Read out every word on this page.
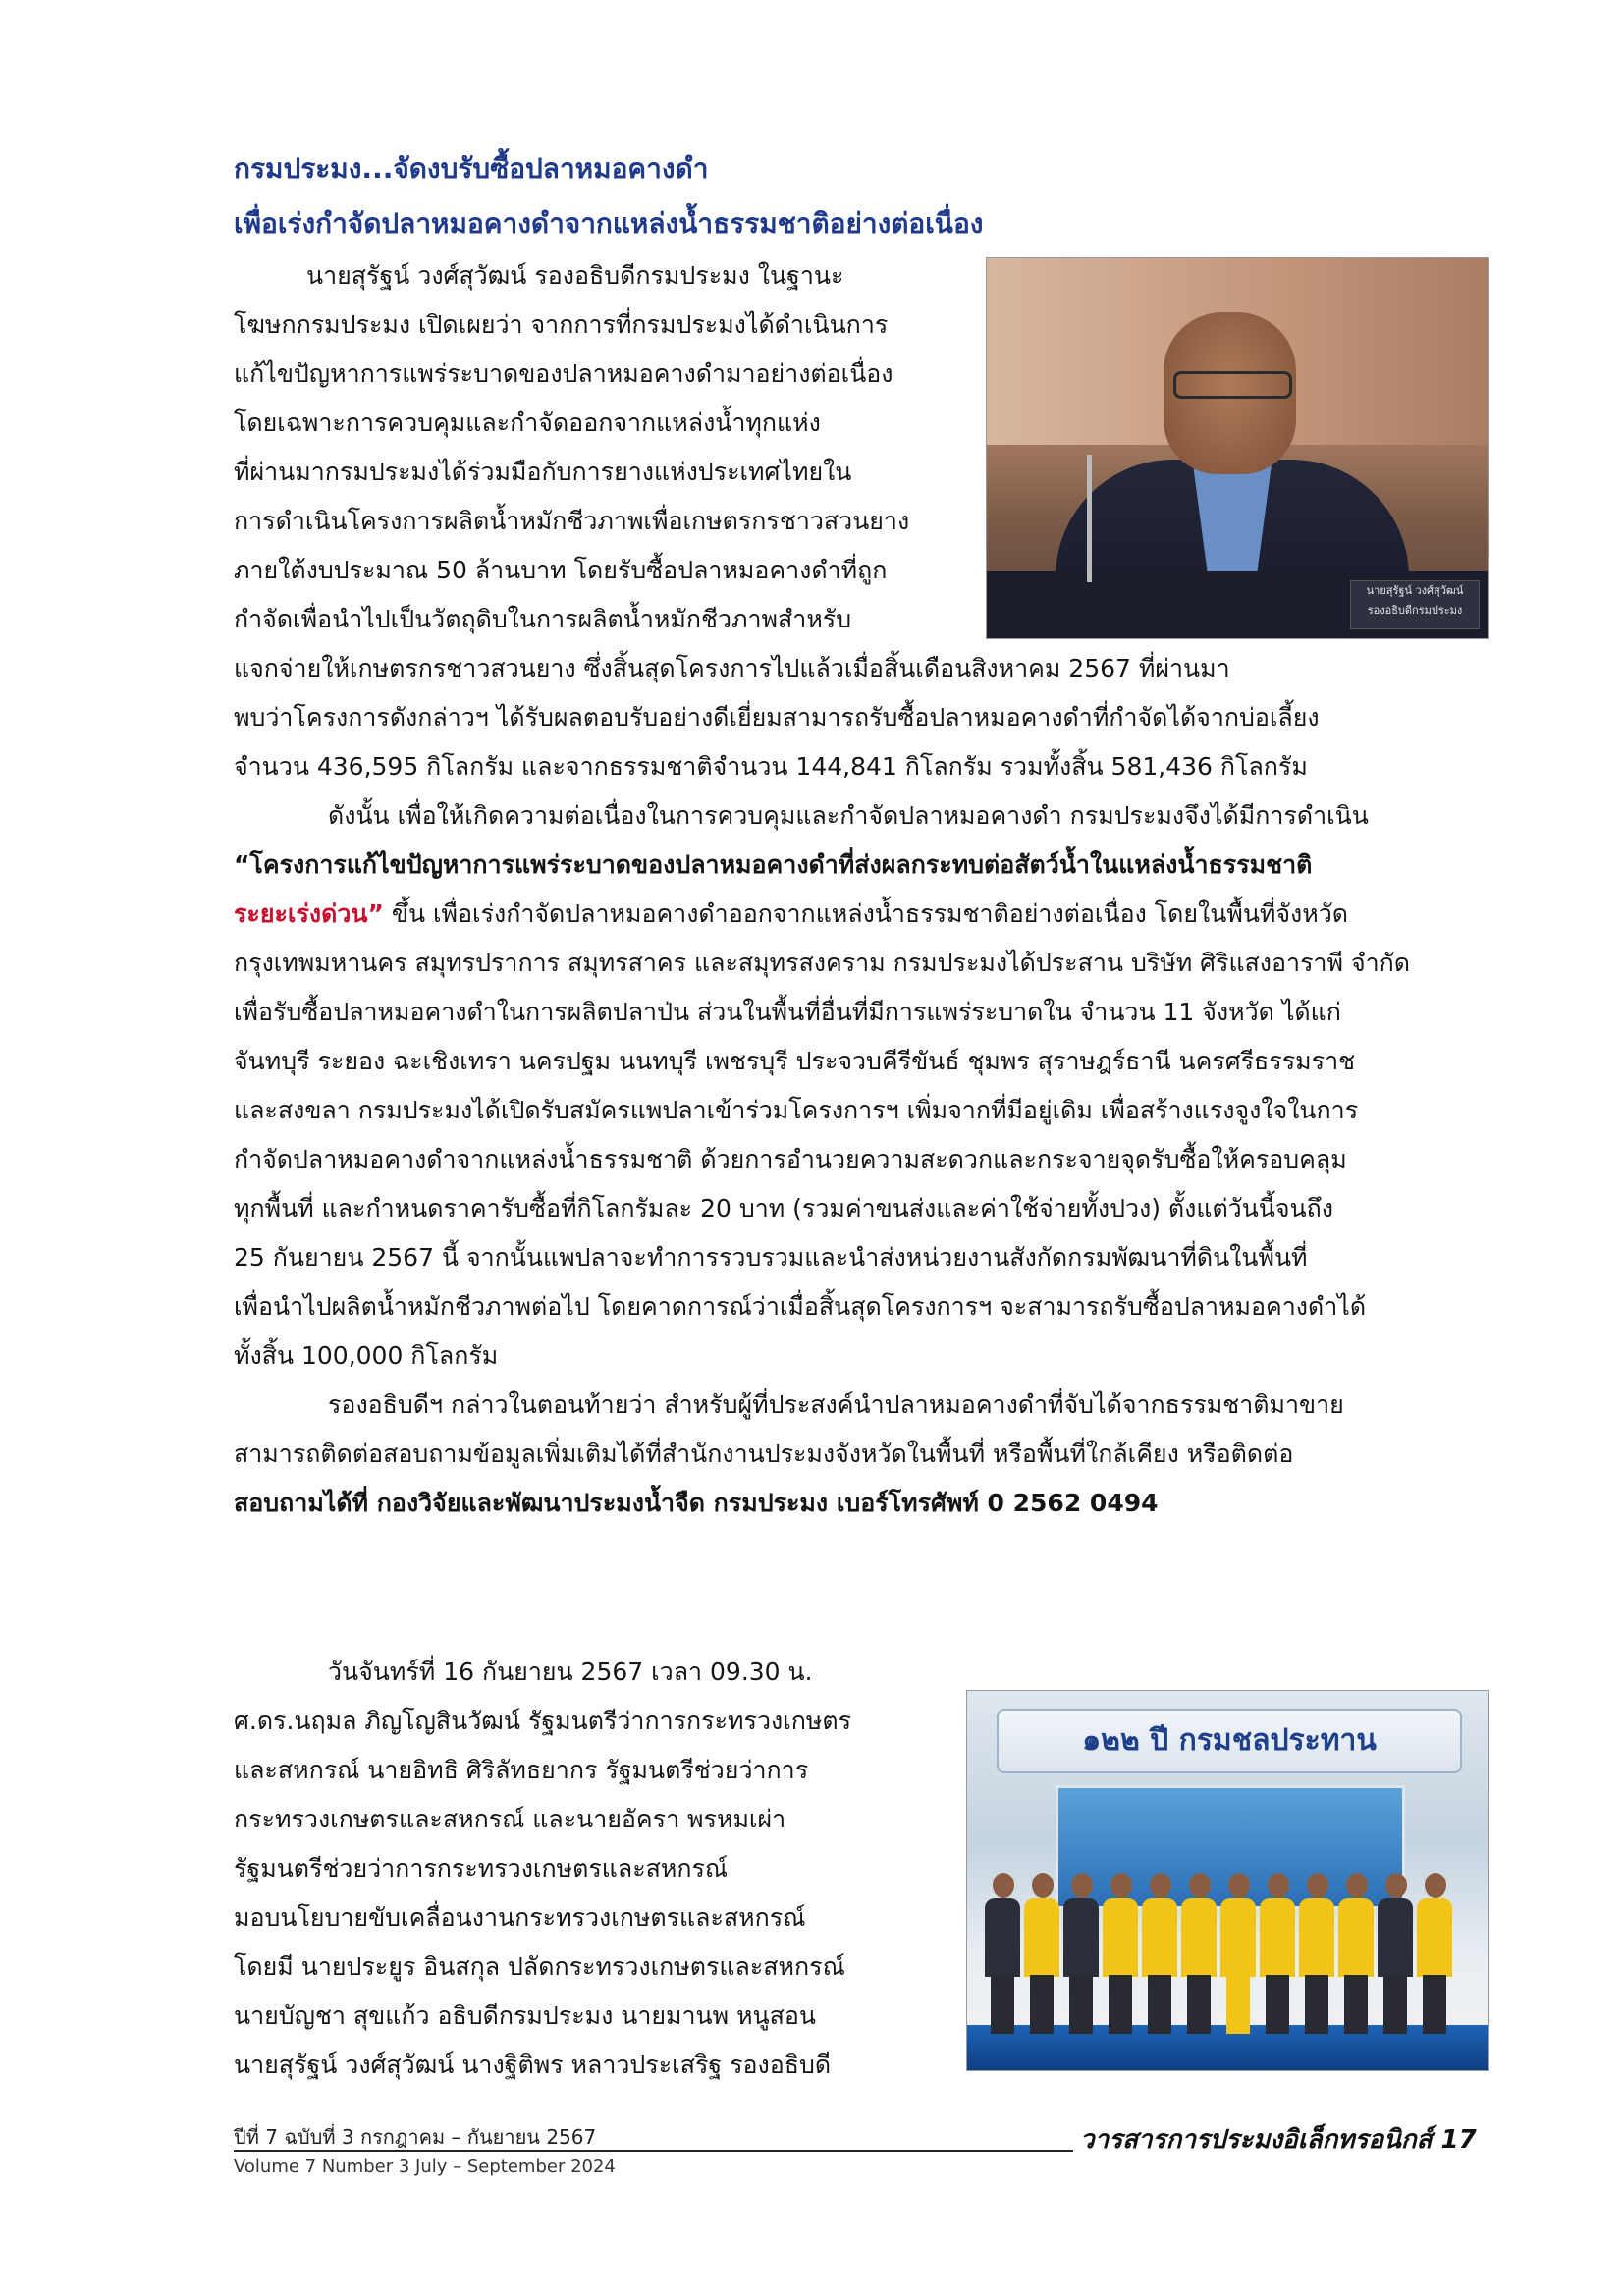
กรมประมง...จัดงบรับซื้อปลาหมอคางดำ
เพื่อเร่งกำจัดปลาหมอคางดำจากแหล่งน้ำธรรมชาติอย่างต่อเนื่อง
นายสุรัฐน์ วงศ์สุวัฒน์
รองอธิบดีกรมประมง

นายสุรัฐน์ วงศ์สุวัฒน์ รองอธิบดีกรมประมง ในฐานะ

โฆษกกรมประมง เปิดเผยว่า จากการที่กรมประมงได้ดำเนินการ

แก้ไขปัญหาการแพร่ระบาดของปลาหมอคางดำมาอย่างต่อเนื่อง

โดยเฉพาะการควบคุมและกำจัดออกจากแหล่งน้ำทุกแห่ง

ที่ผ่านมากรมประมงได้ร่วมมือกับการยางแห่งประเทศไทยใน

การดำเนินโครงการผลิตน้ำหมักชีวภาพเพื่อเกษตรกรชาวสวนยาง

ภายใต้งบประมาณ 50 ล้านบาท โดยรับซื้อปลาหมอคางดำที่ถูก

กำจัดเพื่อนำไปเป็นวัตถุดิบในการผลิตน้ำหมักชีวภาพสำหรับ

แจกจ่ายให้เกษตรกรชาวสวนยาง ซึ่งสิ้นสุดโครงการไปแล้วเมื่อสิ้นเดือนสิงหาคม 2567 ที่ผ่านมา

พบว่าโครงการดังกล่าวฯ ได้รับผลตอบรับอย่างดีเยี่ยมสามารถรับซื้อปลาหมอคางดำที่กำจัดได้จากบ่อเลี้ยง

จำนวน 436,595 กิโลกรัม และจากธรรมชาติจำนวน 144,841 กิโลกรัม รวมทั้งสิ้น 581,436 กิโลกรัม

ดังนั้น เพื่อให้เกิดความต่อเนื่องในการควบคุมและกำจัดปลาหมอคางดำ กรมประมงจึงได้มีการดำเนิน

“โครงการแก้ไขปัญหาการแพร่ระบาดของปลาหมอคางดำที่ส่งผลกระทบต่อสัตว์น้ำในแหล่งน้ำธรรมชาติ

ระยะเร่งด่วน” ขึ้น เพื่อเร่งกำจัดปลาหมอคางดำออกจากแหล่งน้ำธรรมชาติอย่างต่อเนื่อง โดยในพื้นที่จังหวัด

กรุงเทพมหานคร สมุทรปราการ สมุทรสาคร และสมุทรสงคราม กรมประมงได้ประสาน บริษัท ศิริแสงอาราพี จำกัด

เพื่อรับซื้อปลาหมอคางดำในการผลิตปลาป่น ส่วนในพื้นที่อื่นที่มีการแพร่ระบาดใน จำนวน 11 จังหวัด ได้แก่

จันทบุรี ระยอง ฉะเชิงเทรา นครปฐม นนทบุรี เพชรบุรี ประจวบคีรีขันธ์ ชุมพร สุราษฎร์ธานี นครศรีธรรมราช

และสงขลา กรมประมงได้เปิดรับสมัครแพปลาเข้าร่วมโครงการฯ เพิ่มจากที่มีอยู่เดิม เพื่อสร้างแรงจูงใจในการ

กำจัดปลาหมอคางดำจากแหล่งน้ำธรรมชาติ ด้วยการอำนวยความสะดวกและกระจายจุดรับซื้อให้ครอบคลุม

ทุกพื้นที่ และกำหนดราคารับซื้อที่กิโลกรัมละ 20 บาท (รวมค่าขนส่งและค่าใช้จ่ายทั้งปวง) ตั้งแต่วันนี้จนถึง

25 กันยายน 2567 นี้ จากนั้นแพปลาจะทำการรวบรวมและนำส่งหน่วยงานสังกัดกรมพัฒนาที่ดินในพื้นที่

เพื่อนำไปผลิตน้ำหมักชีวภาพต่อไป โดยคาดการณ์ว่าเมื่อสิ้นสุดโครงการฯ จะสามารถรับซื้อปลาหมอคางดำได้

ทั้งสิ้น 100,000 กิโลกรัม

รองอธิบดีฯ กล่าวในตอนท้ายว่า สำหรับผู้ที่ประสงค์นำปลาหมอคางดำที่จับได้จากธรรมชาติมาขาย

สามารถติดต่อสอบถามข้อมูลเพิ่มเติมได้ที่สำนักงานประมงจังหวัดในพื้นที่ หรือพื้นที่ใกล้เคียง หรือติดต่อ

สอบถามได้ที่ กองวิจัยและพัฒนาประมงน้ำจืด กรมประมง เบอร์โทรศัพท์ 0 2562 0494

๑๒๒ ปี กรมชลประทาน

วันจันทร์ที่ 16 กันยายน 2567 เวลา 09.30 น.

ศ.ดร.นฤมล ภิญโญสินวัฒน์ รัฐมนตรีว่าการกระทรวงเกษตร

และสหกรณ์ นายอิทธิ ศิริลัทธยากร รัฐมนตรีช่วยว่าการ

กระทรวงเกษตรและสหกรณ์ และนายอัครา พรหมเผ่า

รัฐมนตรีช่วยว่าการกระทรวงเกษตรและสหกรณ์

มอบนโยบายขับเคลื่อนงานกระทรวงเกษตรและสหกรณ์

โดยมี นายประยูร อินสกุล ปลัดกระทรวงเกษตรและสหกรณ์

นายบัญชา สุขแก้ว อธิบดีกรมประมง นายมานพ หนูสอน

นายสุรัฐน์ วงศ์สุวัฒน์ นางฐิติพร หลาวประเสริฐ รองอธิบดี

ปีที่ 7 ฉบับที่ 3 กรกฎาคม – กันยายน 2567	วารสารการประมงอิเล็กทรอนิกส์ 17
Volume 7 Number 3 July – September 2024
